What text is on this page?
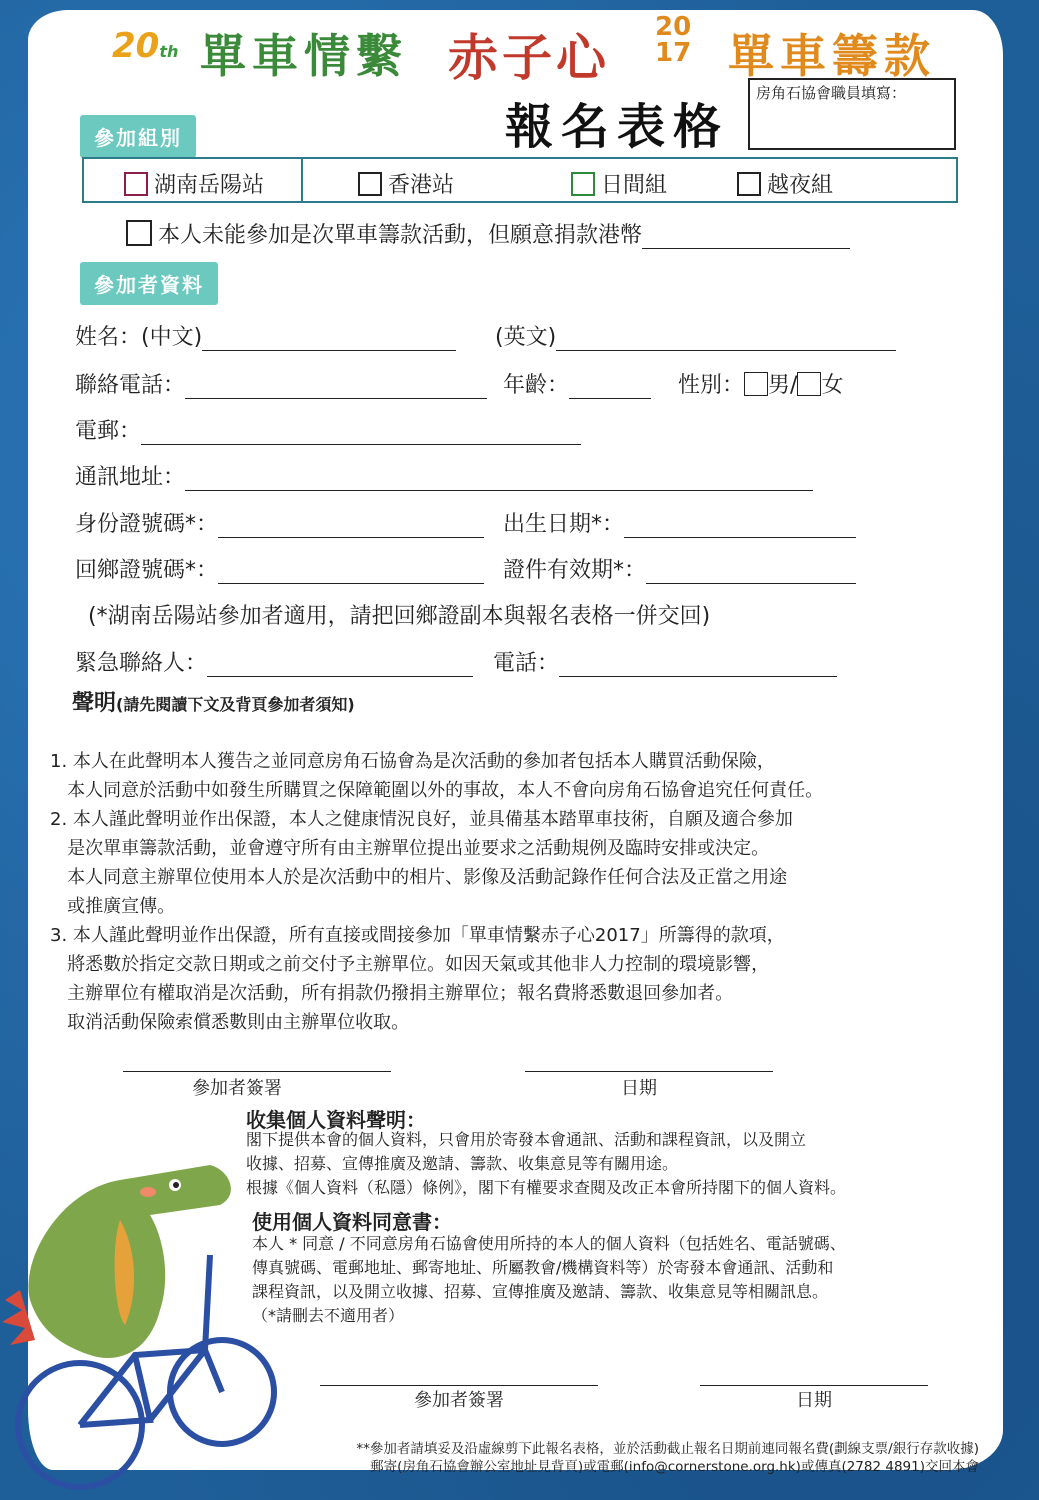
20th 單車情繫 赤子心
20
17 單車籌款
報名表格
房角石協會職員填寫：
參加組別
湖南岳陽站	香港站	日間組	越夜組
本人未能參加是次單車籌款活動，但願意捐款港幣
參加者資料
姓名：(中文)	(英文)
聯絡電話：	年齡：	性別： 男/ 女
電郵：
通訊地址：
身份證號碼*：	出生日期*：
回鄉證號碼*：	證件有效期*：
(*湖南岳陽站參加者適用，請把回鄉證副本與報名表格一併交回)
緊急聯絡人：	電話：
聲明(請先閱讀下文及背頁參加者須知)

1. 本人在此聲明本人獲告之並同意房角石協會為是次活動的參加者包括本人購買活動保險，
本人同意於活動中如發生所購買之保障範圍以外的事故，本人不會向房角石協會追究任何責任。
2. 本人謹此聲明並作出保證，本人之健康情況良好，並具備基本踏單車技術，自願及適合參加
是次單車籌款活動，並會遵守所有由主辦單位提出並要求之活動規例及臨時安排或決定。
本人同意主辦單位使用本人於是次活動中的相片、影像及活動記錄作任何合法及正當之用途
或推廣宣傳。
3. 本人謹此聲明並作出保證，所有直接或間接參加「單車情繫赤子心2017」所籌得的款項，
將悉數於指定交款日期或之前交付予主辦單位。如因天氣或其他非人力控制的環境影響，
主辦單位有權取消是次活動，所有捐款仍撥捐主辦單位；報名費將悉數退回參加者。
取消活動保險索償悉數則由主辦單位收取。

參加者簽署	日期
收集個人資料聲明：
閣下提供本會的個人資料，只會用於寄發本會通訊、活動和課程資訊，以及開立
收據、招募、宣傳推廣及邀請、籌款、收集意見等有關用途。
根據《個人資料（私隱）條例》，閣下有權要求查閱及改正本會所持閣下的個人資料。
使用個人資料同意書：
本人 * 同意 / 不同意房角石協會使用所持的本人的個人資料（包括姓名、電話號碼、
傳真號碼、電郵地址、郵寄地址、所屬教會/機構資料等）於寄發本會通訊、活動和
課程資訊，以及開立收據、招募、宣傳推廣及邀請、籌款、收集意見等相關訊息。
（*請刪去不適用者）
參加者簽署	日期
**參加者請填妥及沿虛線剪下此報名表格，並於活動截止報名日期前連同報名費(劃線支票/銀行存款收據)
郵寄(房角石協會辦公室地址見背頁)或電郵(info@cornerstone.org.hk)或傳真(2782 4891)交回本會
